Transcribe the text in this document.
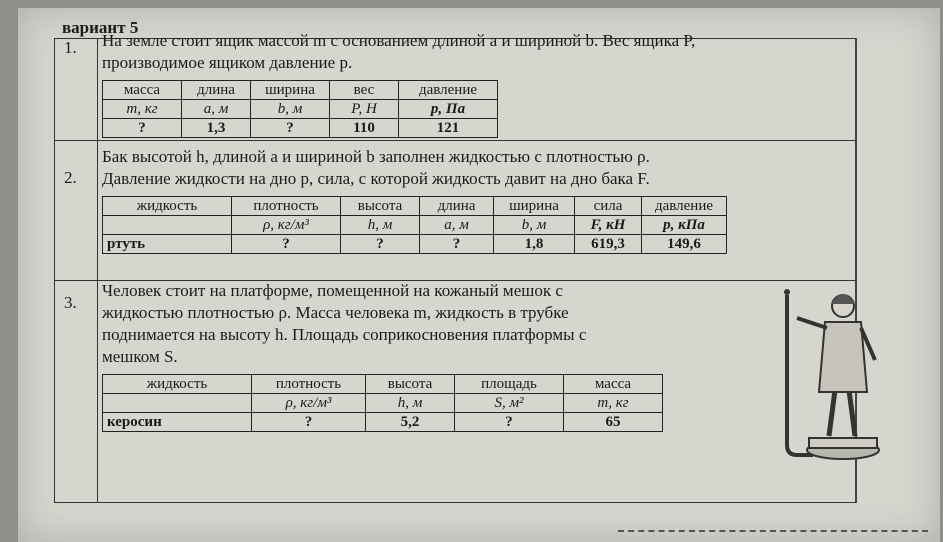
вариант 5
1. На земле стоит ящик массой m с основанием длиной a и шириной b. Вес ящика P,
производимое ящиком давление p.
масса	длина	ширина	вес	давление
m, кг	a, м	b, м	P, H	p, Па
?	1,3	?	110	121
2.
Бак высотой h, длиной a и шириной b заполнен жидкостью с плотностью ρ.
Давление жидкости на дно p, сила, с которой жидкость давит на дно бака F.
жидкость	плотность	высота	длина	ширина	сила	давление
	ρ, кг/м³	h, м	a, м	b, м	F, кН	p, кПа
ртуть	?	?	?	1,8	619,3	149,6
3.
Человек стоит на платформе, помещенной на кожаный мешок с
жидкостью плотностью ρ. Масса человека m, жидкость в трубке
поднимается на высоту h. Площадь соприкосновения платформы с
мешком S.
жидкость	плотность	высота	площадь	масса
	ρ, кг/м³	h, м	S, м²	m, кг
керосин	?	5,2	?	65
